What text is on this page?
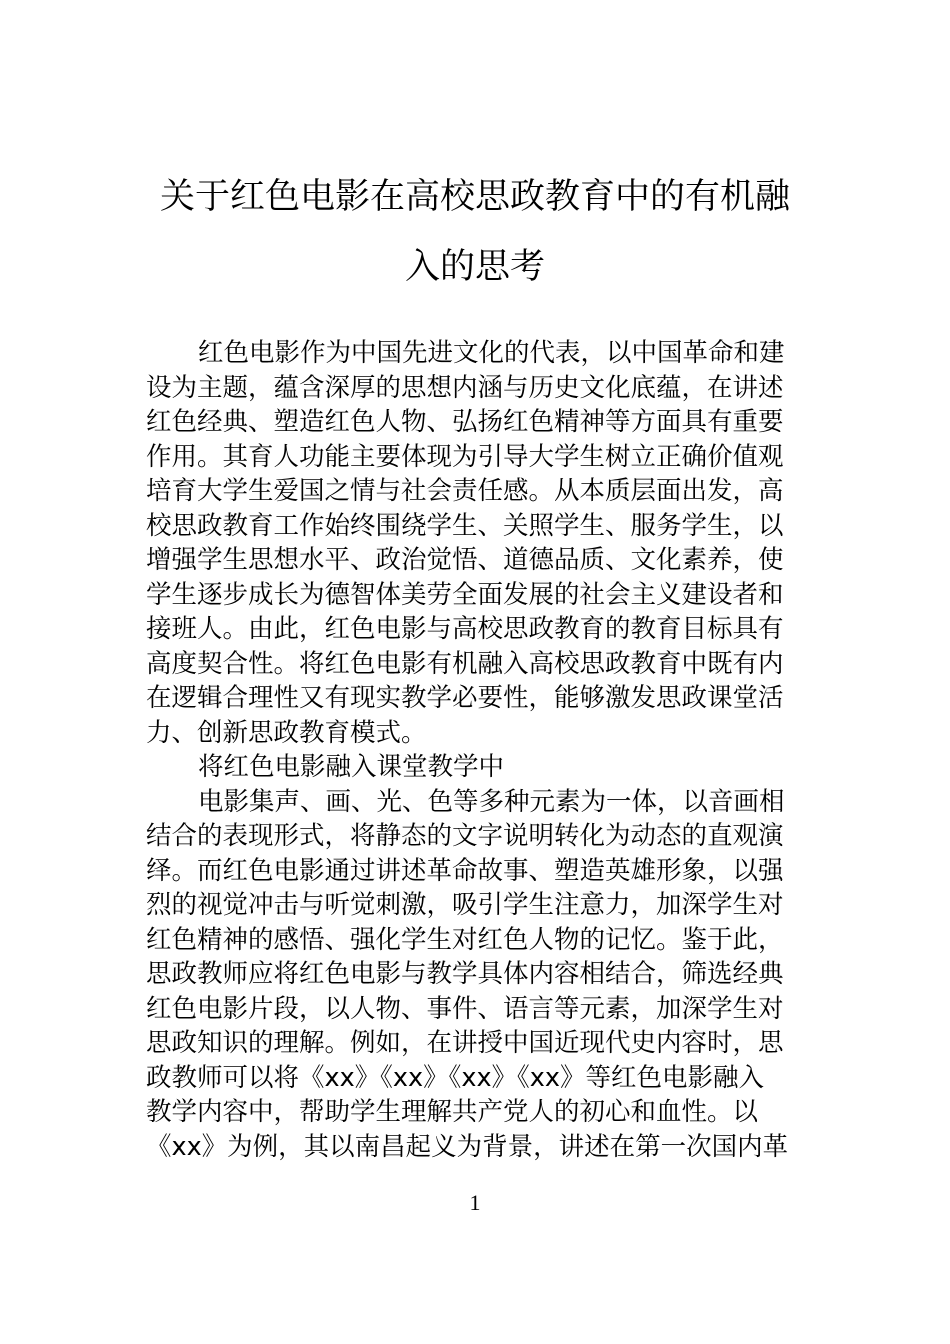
关于红色电影在高校思政教育中的有机融
入的思考
红色电影作为中国先进文化的代表，以中国革命和建
设为主题，蕴含深厚的思想内涵与历史文化底蕴，在讲述
红色经典、塑造红色人物、弘扬红色精神等方面具有重要
作用。其育人功能主要体现为引导大学生树立正确价值观
培育大学生爱国之情与社会责任感。从本质层面出发，高
校思政教育工作始终围绕学生、关照学生、服务学生，以
增强学生思想水平、政治觉悟、道德品质、文化素养，使
学生逐步成长为德智体美劳全面发展的社会主义建设者和
接班人。由此，红色电影与高校思政教育的教育目标具有
高度契合性。将红色电影有机融入高校思政教育中既有内
在逻辑合理性又有现实教学必要性，能够激发思政课堂活
力、创新思政教育模式。
将红色电影融入课堂教学中
电影集声、画、光、色等多种元素为一体，以音画相
结合的表现形式，将静态的文字说明转化为动态的直观演
绎。而红色电影通过讲述革命故事、塑造英雄形象，以强
烈的视觉冲击与听觉刺激，吸引学生注意力，加深学生对
红色精神的感悟、强化学生对红色人物的记忆。鉴于此，
思政教师应将红色电影与教学具体内容相结合，筛选经典
红色电影片段，以人物、事件、语言等元素，加深学生对
思政知识的理解。例如，在讲授中国近现代史内容时，思
政教师可以将《xx》《xx》《xx》《xx》等红色电影融入
教学内容中，帮助学生理解共产党人的初心和血性。以
《xx》为例，其以南昌起义为背景，讲述在第一次国内革
1
